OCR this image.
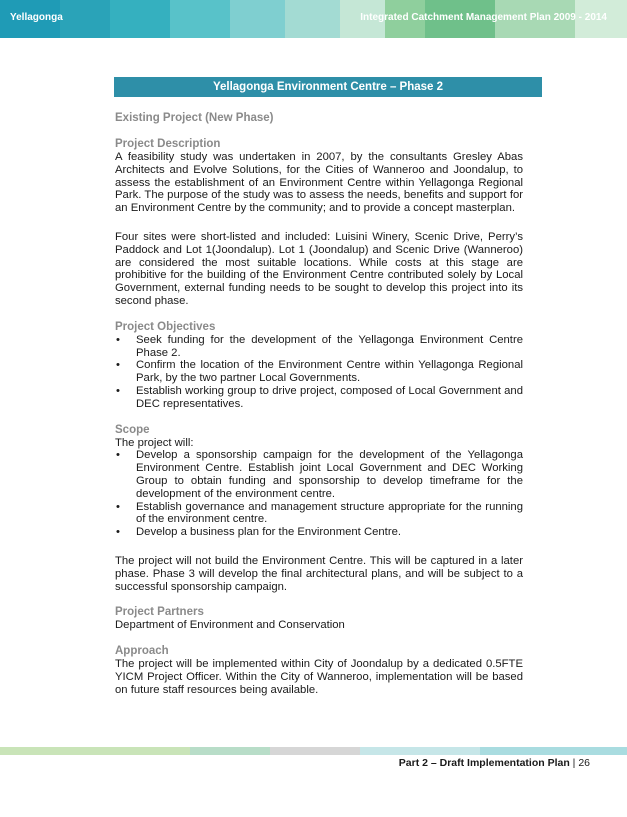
Yellagonga	Integrated Catchment Management Plan 2009 - 2014
Yellagonga Environment Centre – Phase 2
Existing Project (New Phase)
Project Description

A feasibility study was undertaken in 2007, by the consultants Gresley Abas Architects and Evolve Solutions, for the Cities of Wanneroo and Joondalup, to assess the establishment of an Environment Centre within Yellagonga Regional Park. The purpose of the study was to assess the needs, benefits and support for an Environment Centre by the community; and to provide a concept masterplan.

Four sites were short-listed and included: Luisini Winery, Scenic Drive, Perry’s Paddock and Lot 1(Joondalup). Lot 1 (Joondalup) and Scenic Drive (Wanneroo) are considered the most suitable locations. While costs at this stage are prohibitive for the building of the Environment Centre contributed solely by Local Government, external funding needs to be sought to develop this project into its second phase.

Project Objectives
• Seek funding for the development of the Yellagonga Environment Centre Phase 2.
• Confirm the location of the Environment Centre within Yellagonga Regional Park, by the two partner Local Governments.
• Establish working group to drive project, composed of Local Government and DEC representatives.
Scope

The project will:

• Develop a sponsorship campaign for the development of the Yellagonga Environment Centre. Establish joint Local Government and DEC Working Group to obtain funding and sponsorship to develop timeframe for the development of the environment centre.
• Establish governance and management structure appropriate for the running of the environment centre.
• Develop a business plan for the Environment Centre.

The project will not build the Environment Centre. This will be captured in a later phase. Phase 3 will develop the final architectural plans, and will be subject to a successful sponsorship campaign.

Project Partners

Department of Environment and Conservation

Approach

The project will be implemented within City of Joondalup by a dedicated 0.5FTE YICM Project Officer. Within the City of Wanneroo, implementation will be based on future staff resources being available.

Part 2 – Draft Implementation Plan | 26
